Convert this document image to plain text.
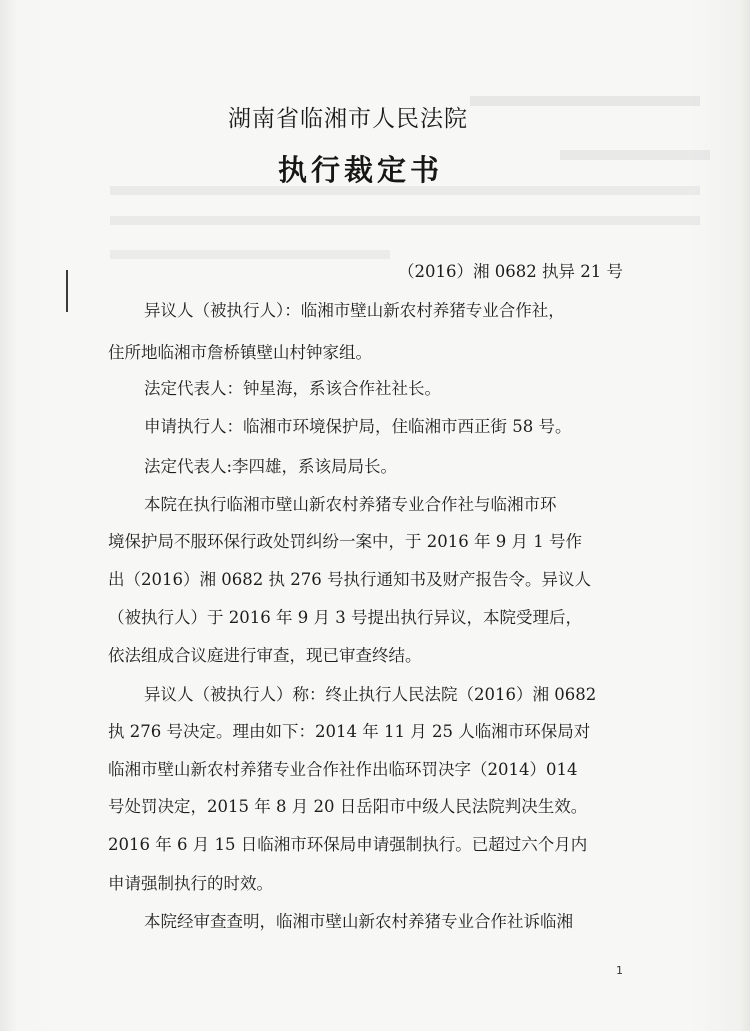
湖南省临湘市人民法院
执行裁定书
（2016）湘 0682 执异 21 号
异议人（被执行人）：临湘市壁山新农村养猪专业合作社，
住所地临湘市詹桥镇壁山村钟家组。
法定代表人：钟星海，系该合作社社长。
申请执行人：临湘市环境保护局，住临湘市西正街 58 号。
法定代表人:李四雄，系该局局长。
本院在执行临湘市壁山新农村养猪专业合作社与临湘市环
境保护局不服环保行政处罚纠纷一案中，于 2016 年 9 月 1 号作
出（2016）湘 0682 执 276 号执行通知书及财产报告令。异议人
（被执行人）于 2016 年 9 月 3 号提出执行异议，本院受理后，
依法组成合议庭进行审查，现已审查终结。
异议人（被执行人）称：终止执行人民法院（2016）湘 0682
执 276 号决定。理由如下：2014 年 11 月 25 人临湘市环保局对
临湘市壁山新农村养猪专业合作社作出临环罚决字（2014）014
号处罚决定，2015 年 8 月 20 日岳阳市中级人民法院判决生效。
2016 年 6 月 15 日临湘市环保局申请强制执行。已超过六个月内
申请强制执行的时效。
本院经审查查明，临湘市壁山新农村养猪专业合作社诉临湘
1
